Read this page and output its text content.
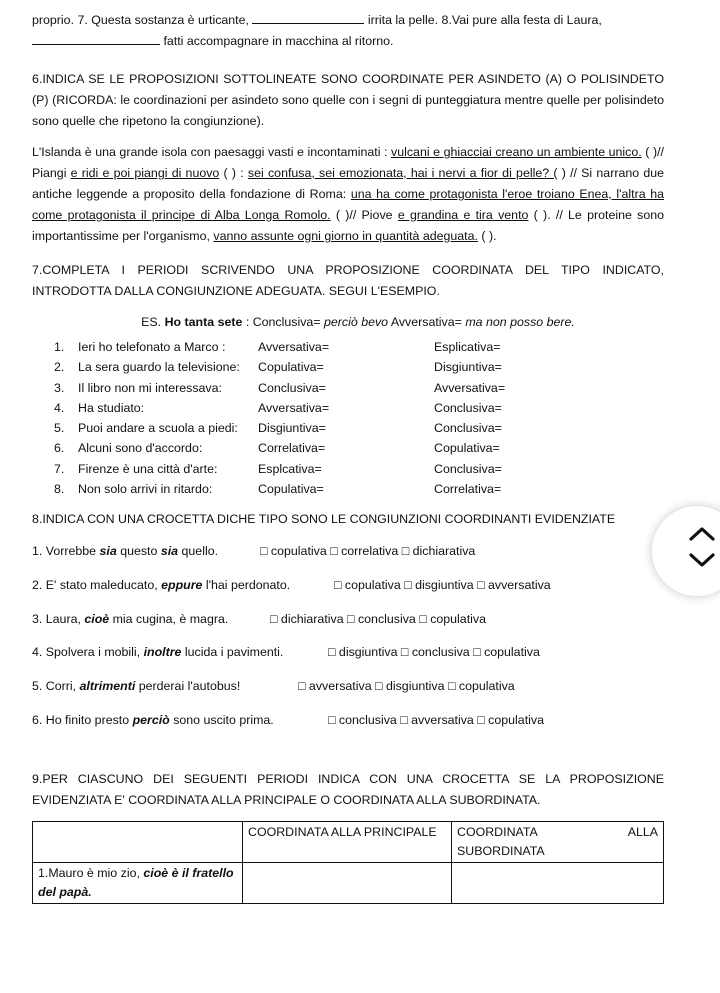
proprio. 7. Questa sostanza è urticante,	irrita la pelle. 8.Vai pure alla festa di Laura,

fatti accompagnare in macchina al ritorno.

6.INDICA SE LE PROPOSIZIONI SOTTOLINEATE SONO COORDINATE PER ASINDETO (A) O POLISINDETO (P) (RICORDA: le coordinazioni per asindeto sono quelle con i segni di punteggiatura mentre quelle per polisindeto sono quelle che ripetono la congiunzione).

L'Islanda è una grande isola con paesaggi vasti e incontaminati : vulcani e ghiacciai creano un ambiente unico. ( )// Piangi e ridi e poi piangi di nuovo ( ) : sei confusa, sei emozionata, hai i nervi a fior di pelle? ( ) // Si narrano due antiche leggende a proposito della fondazione di Roma: una ha come protagonista l'eroe troiano Enea, l'altra ha come protagonista il principe di Alba Longa Romolo. ( )// Piove e grandina e tira vento ( ). // Le proteine sono importantissime per l'organismo, vanno assunte ogni giorno in quantità adeguata. ( ).

7.COMPLETA I PERIODI SCRIVENDO UNA PROPOSIZIONE COORDINATA DEL TIPO INDICATO, INTRODOTTA DALLA CONGIUNZIONE ADEGUATA. SEGUI L'ESEMPIO.

ES. Ho tanta sete : Conclusiva= perciò bevo Avversativa= ma non posso bere.
1. Ieri ho telefonato a Marco :	Avversativa=	Esplicativa=
2. La sera guardo la televisione: Copulativa=	Disgiuntiva=
3. Il libro non mi interessava:	Conclusiva=	Avversativa=
4. Ha studiato:	Avversativa=	Conclusiva=
5. Puoi andare a scuola a piedi: Disgiuntiva=	Conclusiva=
6. Alcuni sono d'accordo:	Correlativa=	Copulativa=
7. Firenze è una città d'arte:	Esplcativa=	Conclusiva=
8. Non solo arrivi in ritardo:	Copulativa=	Correlativa=

8.INDICA CON UNA CROCETTA DICHE TIPO SONO LE CONGIUNZIONI COORDINANTI EVIDENZIATE

1. Vorrebbe sia questo sia quello.	□ copulativa □ correlativa □ dichiarativa
2. E' stato maleducato, eppure l'hai perdonato.	□ copulativa □ disgiuntiva □ avversativa
3. Laura, cioè mia cugina, è magra.	□ dichiarativa □ conclusiva □ copulativa
4. Spolvera i mobili, inoltre lucida i pavimenti.	□ disgiuntiva □ conclusiva □ copulativa
5. Corri, altrimenti perderai l'autobus!	□ avversativa □ disgiuntiva □ copulativa
6. Ho finito presto perciò sono uscito prima.	□ conclusiva □ avversativa □ copulativa

9.PER CIASCUNO DEI SEGUENTI PERIODI INDICA CON UNA CROCETTA SE LA PROPOSIZIONE EVIDENZIATA E' COORDINATA ALLA PRINCIPALE O COORDINATA ALLA SUBORDINATA.

	COORDINATA ALLA PRINCIPALE	COORDINATA ALLA
SUBORDINATA

1.Mauro è mio zio, cioè è il fratello del papà.		
